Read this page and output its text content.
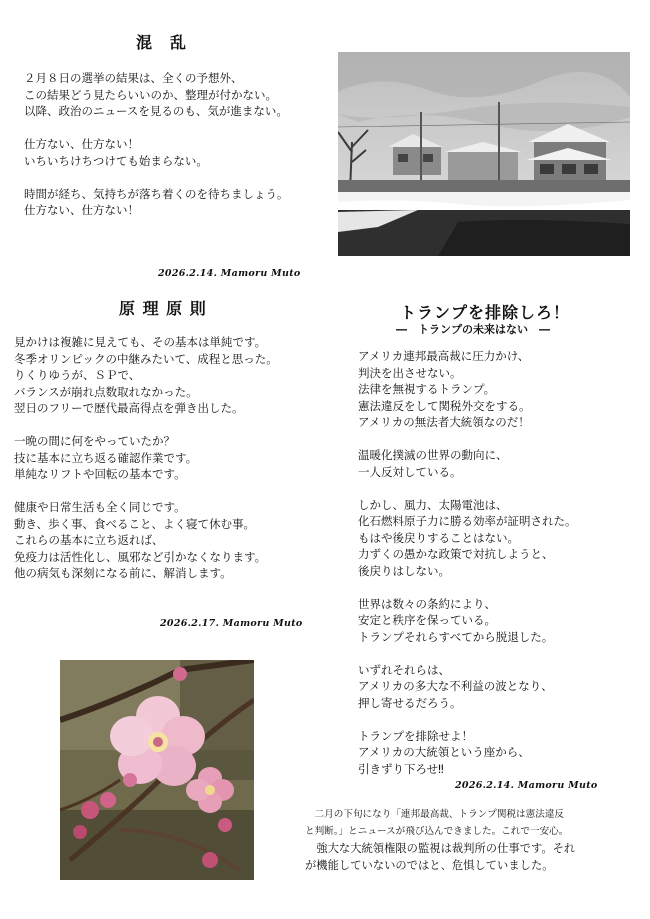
混　乱
２月８日の選挙の結果は、全くの予想外、
この結果どう見たらいいのか、整理が付かない。
以降、政治のニュースを見るのも、気が進まない。

仕方ない、仕方ない！
いちいちけちつけても始まらない。

時間が経ち、気持ちが落ち着くのを待ちましょう。
仕方ない、仕方ない！
2026.2.14. Mamoru Muto
原 理 原 則
見かけは複雑に見えても、その基本は単純です。
冬季オリンピックの中継みたいて、成程と思った。
りくりゆうが、ＳＰで、
バランスが崩れ点数取れなかった。
翌日のフリーで歴代最高得点を弾き出した。

一晩の間に何をやっていたか？
技に基本に立ち返る確認作業です。
単純なリフトや回転の基本です。

健康や日常生活も全く同じです。
動き、歩く事、食べること、よく寝て休む事。
これらの基本に立ち返れば、
免疫力は活性化し、風邪など引かなくなります。
他の病気も深刻になる前に、解消します。
2026.2.17. Mamoru Muto
トランプを排除しろ！
―　トランプの未来はない　―
アメリカ連邦最高裁に圧力かけ、
判決を出させない。
法律を無視するトランプ。
憲法違反をして関税外交をする。
アメリカの無法者大統領なのだ！

温暖化撲滅の世界の動向に、
一人反対している。

しかし、風力、太陽電池は、
化石燃料原子力に勝る効率が証明された。
もはや後戻りすることはない。
力ずくの愚かな政策で対抗しようと、
後戻りはしない。

世界は数々の条約により、
安定と秩序を保っている。
トランプそれらすべてから脱退した。

いずれそれらは、
アメリカの多大な不利益の波となり、
押し寄せるだろう。

トランプを排除せよ！
アメリカの大統領という座から、
引きずり下ろせ‼
2026.2.14. Mamoru Muto
　二月の下旬になり「連邦最高裁、トランプ関税は憲法違反
と判断。」とニュースが飛び込んできました。これで一安心。
　強大な大統領権限の監視は裁判所の仕事です。それ
が機能していないのではと、危惧していました。
